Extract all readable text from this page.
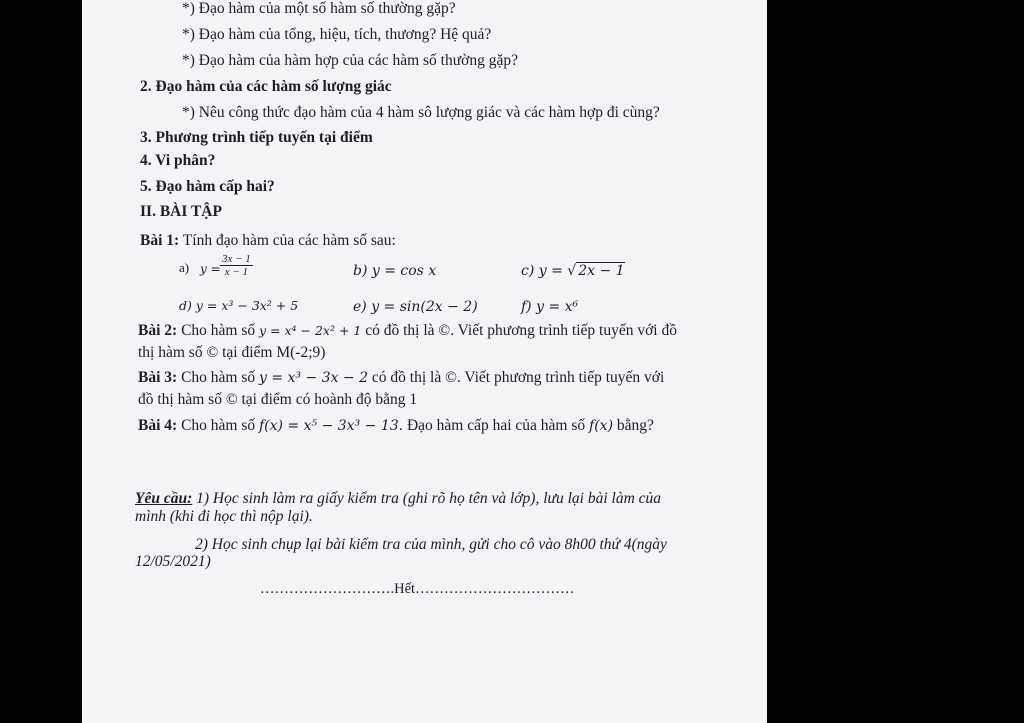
*) Đạo hàm của một số hàm số thường gặp?
*) Đạo hàm của tổng, hiệu, tích, thương? Hệ quả?
*) Đạo hàm của hàm hợp của các hàm số thường gặp?
2. Đạo hàm của các hàm số lượng giác
*) Nêu công thức đạo hàm của 4 hàm sô lượng giác và các hàm hợp đi cùng?
3. Phương trình tiếp tuyến tại điểm
4. Vi phân?
5. Đạo hàm cấp hai?
II. BÀI TẬP
Bài 1: Tính đạo hàm của các hàm số sau:
a) $y = \frac{3x - 1}{x - 1}$	b) y = cos x	c) y = √ 2x − 1
d) y = x³ − 3x² + 5	e) y = sin(2x − 2)	f) y = x⁶
Bài 2: Cho hàm số y = x⁴ − 2x² + 1 có đồ thị là ©. Viết phương trình tiếp tuyến với đồ
thị hàm số © tại điểm M(-2;9)
Bài 3: Cho hàm số y = x³ − 3x − 2 có đồ thị là ©. Viết phương trình tiếp tuyến với
đồ thị hàm số © tại điểm có hoành độ bằng 1
Bài 4: Cho hàm số f(x) = x⁵ − 3x³ − 13. Đạo hàm cấp hai của hàm số f(x) bằng?
Yêu cầu: 1) Học sinh làm ra giấy kiểm tra (ghi rõ họ tên và lớp), lưu lại bài làm của
mình (khi đi học thì nộp lại).
2) Học sinh chụp lại bài kiểm tra của mình, gửi cho cô vào 8h00 thứ 4(ngày
12/05/2021)
……………………….Hết……………………………
